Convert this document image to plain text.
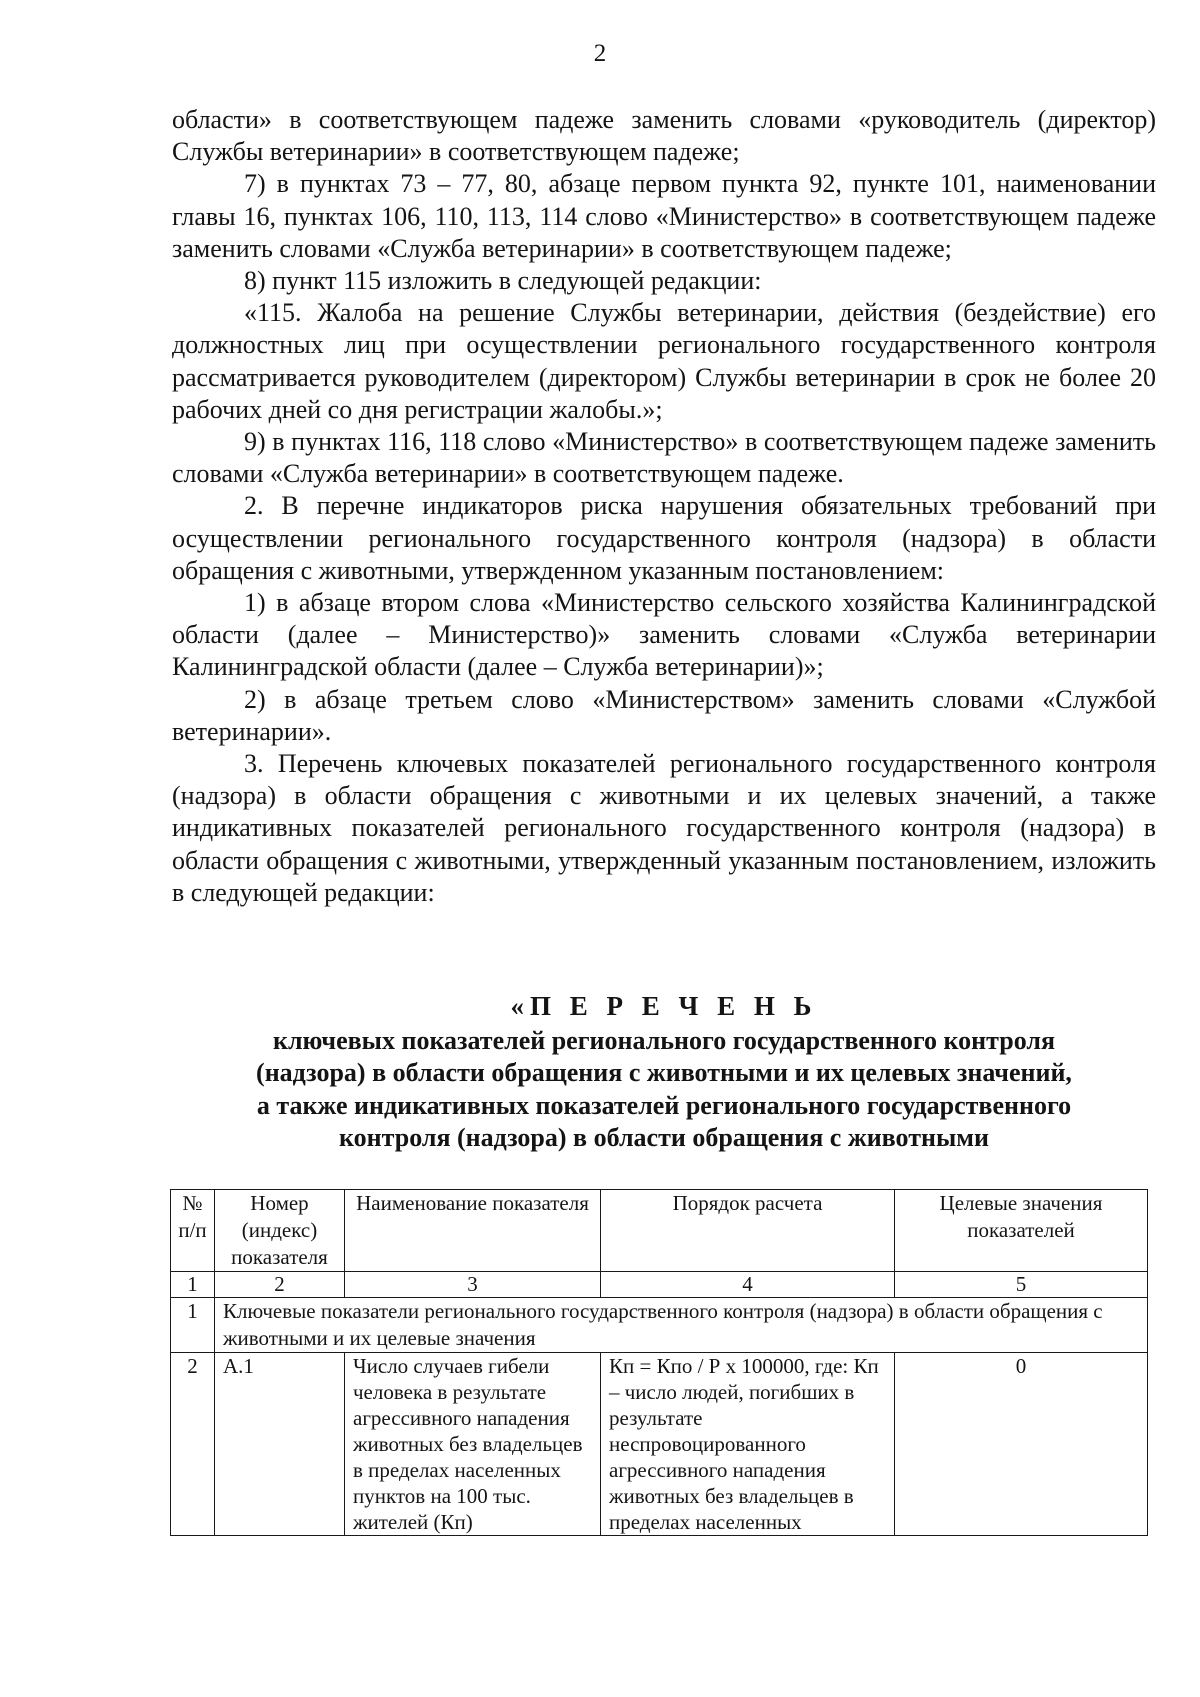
2

области» в соответствующем падеже заменить словами «руководитель (директор) Службы ветеринарии» в соответствующем падеже;

7) в пунктах 73 – 77, 80, абзаце первом пункта 92, пункте 101, наименовании главы 16, пунктах 106, 110, 113, 114 слово «Министерство» в соответствующем падеже заменить словами «Служба ветеринарии» в соответствующем падеже;

8) пункт 115 изложить в следующей редакции:

«115. Жалоба на решение Службы ветеринарии, действия (бездействие) его должностных лиц при осуществлении регионального государственного контроля рассматривается руководителем (директором) Службы ветеринарии в срок не более 20 рабочих дней со дня регистрации жалобы.»;

9) в пунктах 116, 118 слово «Министерство» в соответствующем падеже заменить словами «Служба ветеринарии» в соответствующем падеже.

2. В перечне индикаторов риска нарушения обязательных требований при осуществлении регионального государственного контроля (надзора) в области обращения с животными, утвержденном указанным постановлением:

1) в абзаце втором слова «Министерство сельского хозяйства Калининградской области (далее – Министерство)» заменить словами «Служба ветеринарии Калининградской области (далее – Служба ветеринарии)»;

2) в абзаце третьем слово «Министерством» заменить словами «Службой ветеринарии».

3. Перечень ключевых показателей регионального государственного контроля (надзора) в области обращения с животными и их целевых значений, а также индикативных показателей регионального государственного контроля (надзора) в области обращения с животными, утвержденный указанным постановлением, изложить в следующей редакции:

«П Е Р Е Ч Е Н Ь
ключевых показателей регионального государственного контроля
(надзора) в области обращения с животными и их целевых значений,
а также индикативных показателей регионального государственного
контроля (надзора) в области обращения с животными
№ п/п	Номер (индекс) показателя	Наименование показателя	Порядок расчета	Целевые значения показателей
1	2	3	4	5
1	Ключевые показатели регионального государственного контроля (надзора) в области обращения с животными и их целевые значения			
2	А.1	Число случаев гибели человека в результате агрессивного нападения животных без владельцев в пределах населенных пунктов на 100 тыс. жителей (Кп)	Кп = Кпо / Р х 100000, где: Кп – число людей, погибших в результате неспровоцированного агрессивного нападения животных без владельцев в пределах населенных	0
